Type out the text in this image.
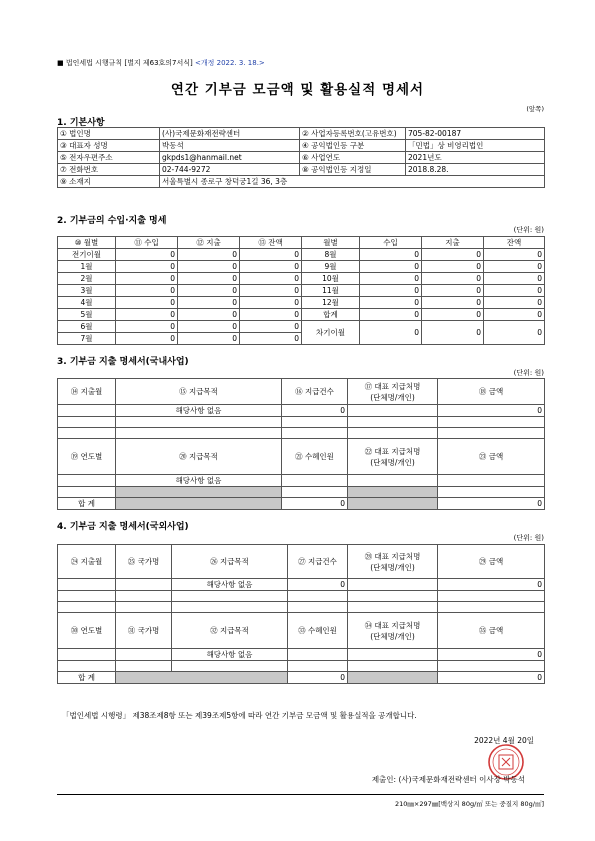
■ 법인세법 시행규칙 [별지 제63호의7서식] <개정 2022. 3. 18.>
연간 기부금 모금액 및 활용실적 명세서
(앞쪽)
1. 기본사항
① 법인명	(사)국제문화재전략센터	② 사업자등록번호(고유번호)	705-82-00187
③ 대표자 성명	박동석	④ 공익법인등 구분	「민법」상 비영리법인
⑤ 전자우편주소	gkpds1@hanmail.net	⑥ 사업연도	2021년도
⑦ 전화번호	02-744-9272	⑧ 공익법인등 지정일	2018.8.28.
⑨ 소재지	서울특별시 종로구 창덕궁1길 36, 3층		
2. 기부금의 수입·지출 명세
(단위: 원)
⑩ 월별	⑪ 수입	⑫ 지출	⑬ 잔액	월별	수입	지출	잔액
전기이월	0	0	0	8월	0	0	0
1월	0	0	0	9월	0	0	0
2월	0	0	0	10월	0	0	0
3월	0	0	0	11월	0	0	0
4월	0	0	0	12월	0	0	0
5월	0	0	0	합계	0	0	0
6월	0	0	0	차기이월	0	0	0
7월	0	0	0				
3. 기부금 지출 명세서(국내사업)
(단위: 원)
⑭ 지출월	⑮ 지급목적	⑯ 지급건수	⑰ 대표 지급처명
(단체명/개인)	⑱ 금액
	해당사항 없음	0		0

⑲ 연도별	⑳ 지급목적	㉑ 수혜인원	㉒ 대표 지급처명
(단체명/개인)	㉓ 금액
	해당사항 없음			

합 계		0		0
4. 기부금 지출 명세서(국외사업)
(단위: 원)
㉔ 지출월	㉕ 국가명	㉖ 지급목적	㉗ 지급건수	㉘ 대표 지급처명
(단체명/개인)	㉙ 금액
		해당사항 없음	0		0

㉚ 연도별	㉛ 국가명	㉜ 지급목적	㉝ 수혜인원	㉞ 대표 지급처명
(단체명/개인)	㉟ 금액
		해당사항 없음			0

합 계			0		0
「법인세법 시행령」 제38조제8항 또는 제39조제5항에 따라 연간 기부금 모금액 및 활용실적을 공개합니다.
2022년 4월 20일
제출인: (사)국제문화재전략센터 이사장 박동석
210㎜×297㎜[백상지 80g/㎡ 또는 중질지 80g/㎡]
